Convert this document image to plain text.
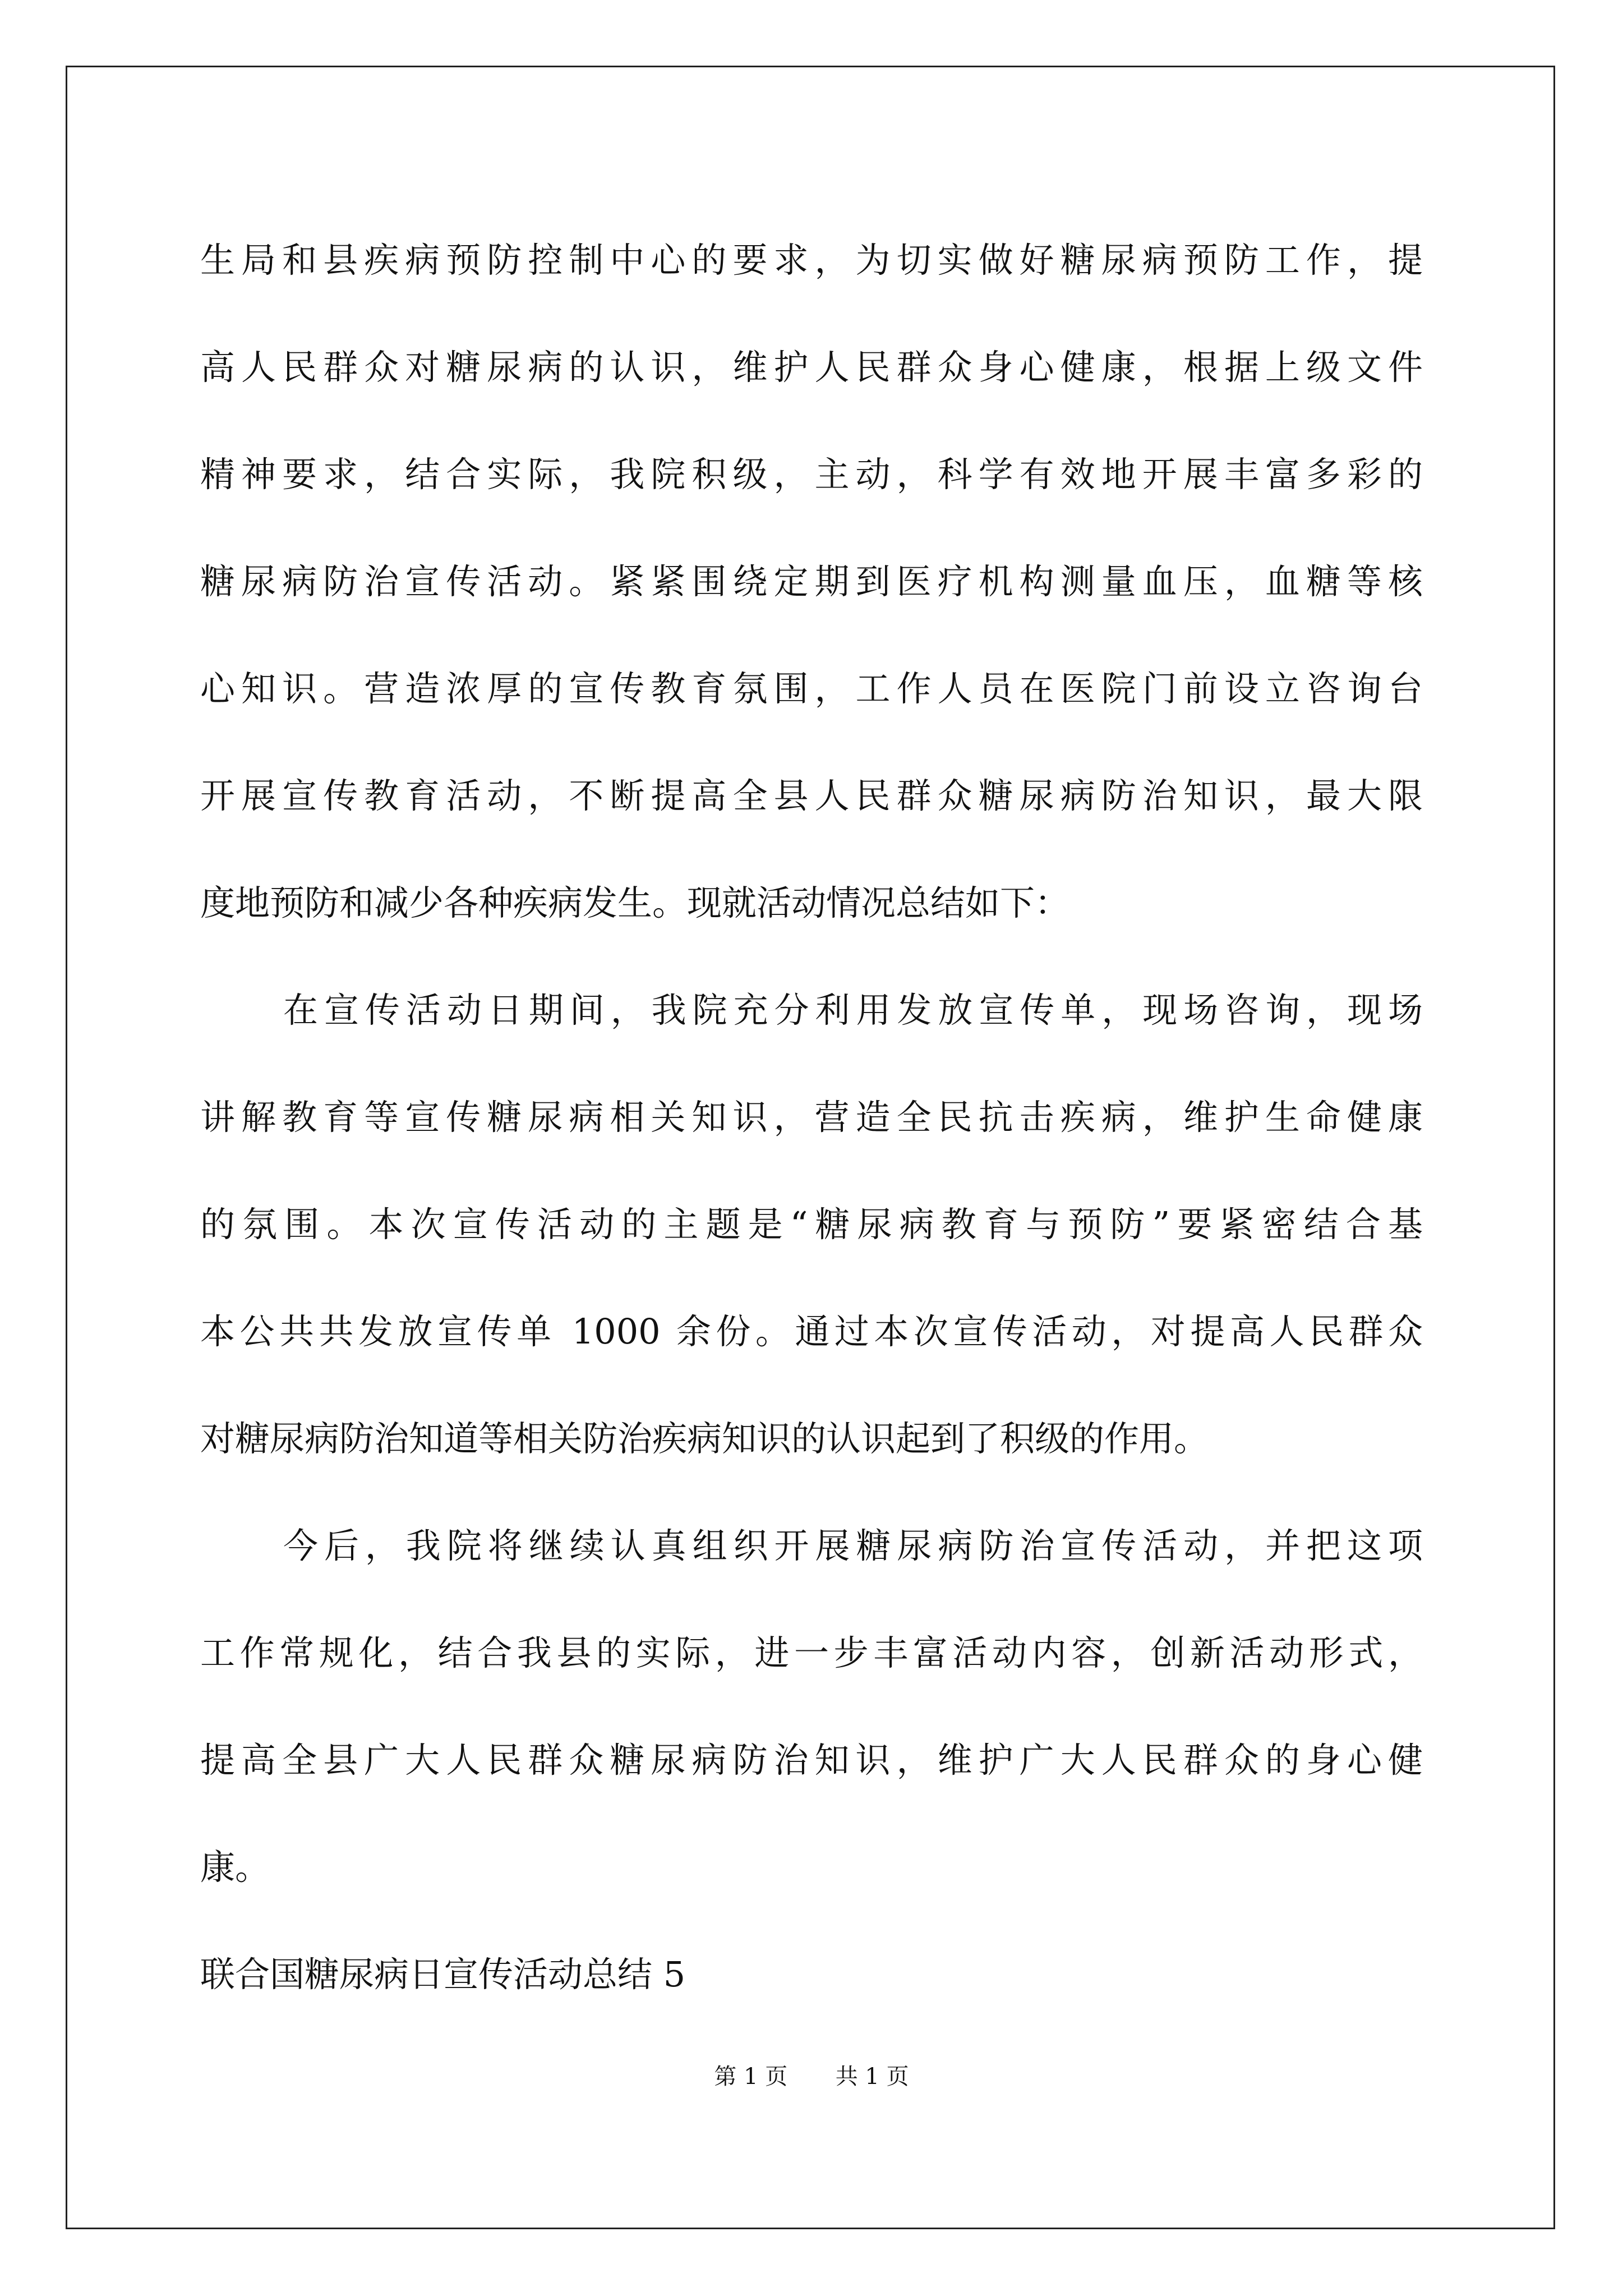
生局和县疾病预防控制中心的要求，为切实做好糖尿病预防工作，提
高人民群众对糖尿病的认识，维护人民群众身心健康，根据上级文件
精神要求，结合实际，我院积级，主动，科学有效地开展丰富多彩的
糖尿病防治宣传活动。紧紧围绕定期到医疗机构测量血压，血糖等核
心知识。营造浓厚的宣传教育氛围，工作人员在医院门前设立咨询台
开展宣传教育活动，不断提高全县人民群众糖尿病防治知识，最大限
度地预防和减少各种疾病发生。现就活动情况总结如下：
在宣传活动日期间，我院充分利用发放宣传单，现场咨询，现场
讲解教育等宣传糖尿病相关知识，营造全民抗击疾病，维护生命健康
的氛围。本次宣传活动的主题是“糖尿病教育与预防”要紧密结合基
本公共共发放宣传单 1000 余份。通过本次宣传活动，对提高人民群众
对糖尿病防治知道等相关防治疾病知识的认识起到了积级的作用。
今后，我院将继续认真组织开展糖尿病防治宣传活动，并把这项
工作常规化，结合我县的实际，进一步丰富活动内容，创新活动形式，
提高全县广大人民群众糖尿病防治知识，维护广大人民群众的身心健
康。
联合国糖尿病日宣传活动总结 5
第 1 页 共 1 页
